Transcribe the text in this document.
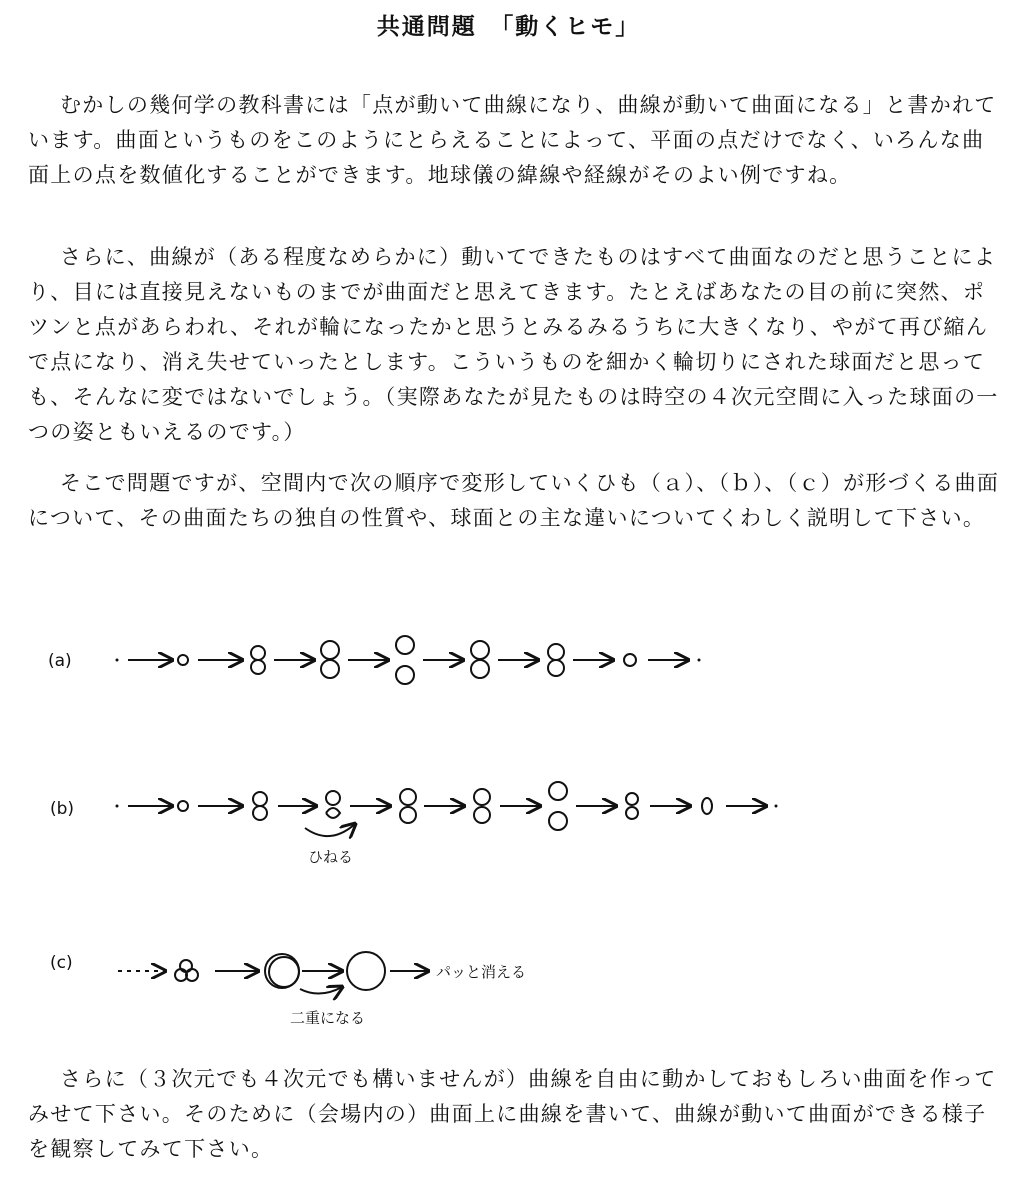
共通問題　「動くヒモ」

むかしの幾何学の教科書には「点が動いて曲線になり、曲線が動いて曲面になる」と書かれています。曲面というものをこのようにとらえることによって、平面の点だけでなく、いろんな曲面上の点を数値化することができます。地球儀の緯線や経線がそのよい例ですね。

さらに、曲線が（ある程度なめらかに）動いてできたものはすべて曲面なのだと思うことにより、目には直接見えないものまでが曲面だと思えてきます。たとえばあなたの目の前に突然、ポツンと点があらわれ、それが輪になったかと思うとみるみるうちに大きくなり、やがて再び縮んで点になり、消え失せていったとします。こういうものを細かく輪切りにされた球面だと思っても、そんなに変ではないでしょう。（実際あなたが見たものは時空の４次元空間に入った球面の一つの姿ともいえるのです。）

そこで問題ですが、空間内で次の順序で変形していくひも（ａ）、（ｂ）、（ｃ）が形づくる曲面について、その曲面たちの独自の性質や、球面との主な違いについてくわしく説明して下さい。

(a)
(b)
ひねる
(c)	パッと消える
二重になる

さらに（３次元でも４次元でも構いませんが）曲線を自由に動かしておもしろい曲面を作ってみせて下さい。そのために（会場内の）曲面上に曲線を書いて、曲線が動いて曲面ができる様子を観察してみて下さい。
